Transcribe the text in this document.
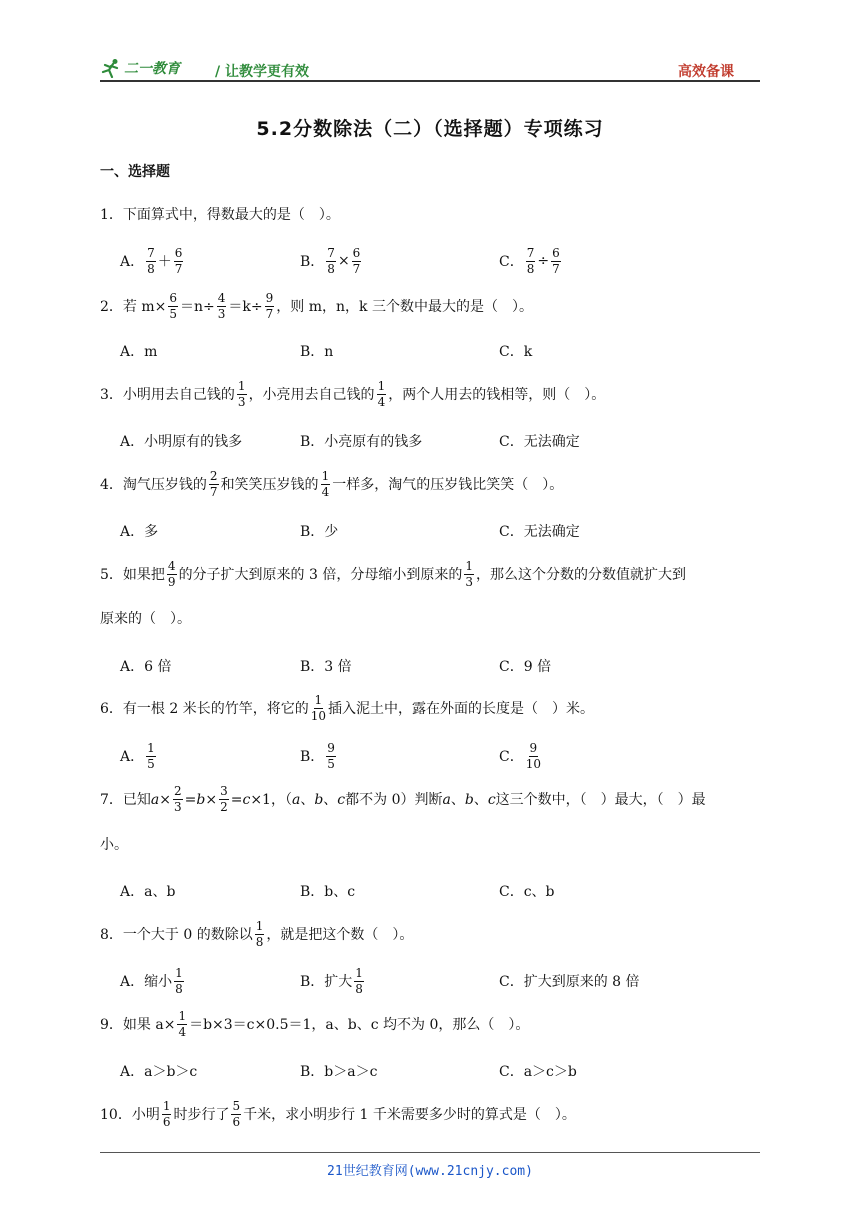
二一教育	/ 让教学更有效	高效备课
5.2分数除法（二）（选择题）专项练习
一、选择题
1．下面算式中，得数最大的是（　）。
A． $\frac{7}{8} + \frac{6}{7}$	B． $\frac{7}{8} \times \frac{6}{7}$	C． $\frac{7}{8} \div \frac{6}{7}$
2．若 $m\times \frac{6}{5} =n\div \frac{4}{3} =k\div \frac{9}{7}$ ，则 m，n，k 三个数中最大的是（　）。
A．m	B．n	C．k
3．小明用去自己钱的 $\frac{1}{3}$ ，小亮用去自己钱的 $\frac{1}{4}$ ，两个人用去的钱相等，则（　）。
A．小明原有的钱多	B．小亮原有的钱多	C．无法确定
4．淘气压岁钱的 $\frac{2}{7}$ 和笑笑压岁钱的 $\frac{1}{4}$ 一样多，淘气的压岁钱比笑笑（　）。
A．多	B．少	C．无法确定
5．如果把 $\frac{4}{9}$ 的分子扩大到原来的 3 倍，分母缩小到原来的 $\frac{1}{3}$ ，那么这个分数的分数值就扩大到
原来的（　）。
A．6 倍	B．3 倍	C．9 倍
6．有一根 2 米长的竹竿，将它的 $\frac{1}{10}$ 插入泥土中，露在外面的长度是（　）米。
A． $\frac{1}{5}$	B． $\frac{9}{5}$	C． $\frac{9}{10}$
7．已知 $a \times \frac{2}{3} = b \times \frac{3}{2} = c \times 1$，（ a 、 b 、 c 都不为 0）判断 a 、 b 、 c 这三个数中，（　）最大，（　）最
小。
A．a、b	B．b、c	C．c、b
8．一个大于 0 的数除以 $\frac{1}{8}$ ，就是把这个数（　）。
A．缩小 $\frac{1}{8}$	B．扩大 $\frac{1}{8}$	C．扩大到原来的 8 倍
9．如果 $a\times \frac{1}{4} =b\times 3=c\times 0.5=1$，a、b、c 均不为 0，那么（　）。
A．a＞b＞c	B．b＞a＞c	C．a＞c＞b
10．小明 $\frac{1}{6}$ 时步行了 $\frac{5}{6}$ 千米，求小明步行 1 千米需要多少时的算式是（　）。
21世纪教育网(www.21cnjy.com)
